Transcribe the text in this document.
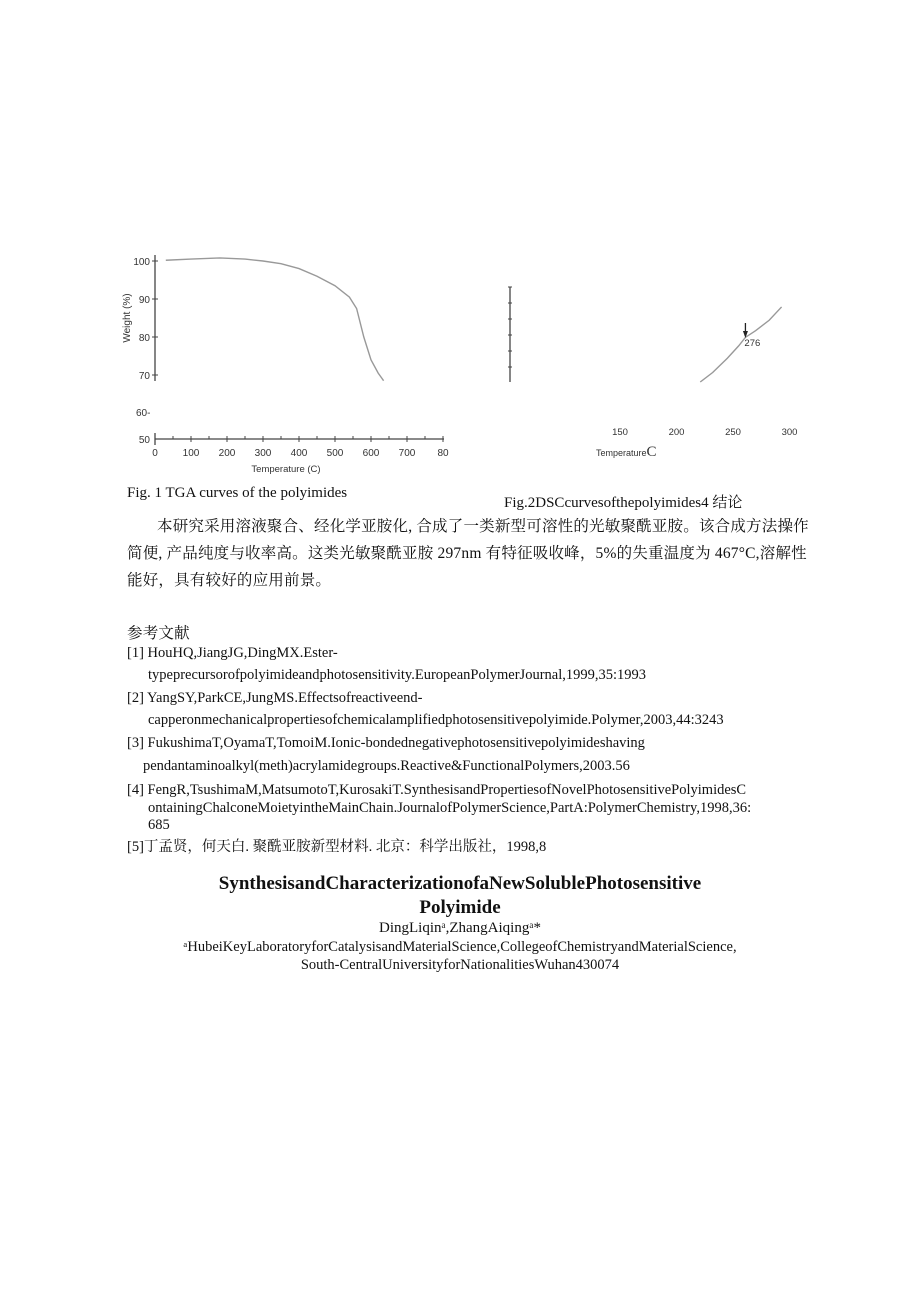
100
90
80
70
60-
50
0 100 200 300 400 500 600 700 80
Temperature (C)
Weight (%)
150	200	250	300
TemperatureC
276
Fig. 1 TGA curves of the polyimides
Fig.2DSCcurvesofthepolyimides4 结论
本研究采用溶液聚合、经化学亚胺化, 合成了一类新型可溶性的光敏聚酰亚胺。该合成方法操作
简便, 产品纯度与收率高。这类光敏聚酰亚胺 297nm 有特征吸收峰，5%的失重温度为 467°C,溶解性
能好，具有较好的应用前景。
参考文献
[1] HouHQ,JiangJG,DingMX.Ester-
typeprecursorofpolyimideandphotosensitivity.EuropeanPolymerJournal,1999,35:1993
[2] YangSY,ParkCE,JungMS.Effectsofreactiveend-
capperonmechanicalpropertiesofchemicalamplifiedphotosensitivepolyimide.Polymer,2003,44:3243
[3] FukushimaT,OyamaT,TomoiM.Ionic-bondednegativephotosensitivepolyimideshaving
pendantaminoalkyl(meth)acrylamidegroups.Reactive&FunctionalPolymers,2003.56
[4] FengR,TsushimaM,MatsumotoT,KurosakiT.SynthesisandPropertiesofNovelPhotosensitivePolyimidesC
ontainingChalconeMoietyintheMainChain.JournalofPolymerScience,PartA:PolymerChemistry,1998,36:
685
[5]丁孟贤，何天白. 聚酰亚胺新型材料. 北京：科学出版社，1998,8
SynthesisandCharacterizationofaNewSolublePhotosensitive
Polyimide
DingLiqinᵃ,ZhangAiqingᵃ*
ᵃHubeiKeyLaboratoryforCatalysisandMaterialScience,CollegeofChemistryandMaterialScience,
South-CentralUniversityforNationalitiesWuhan430074
